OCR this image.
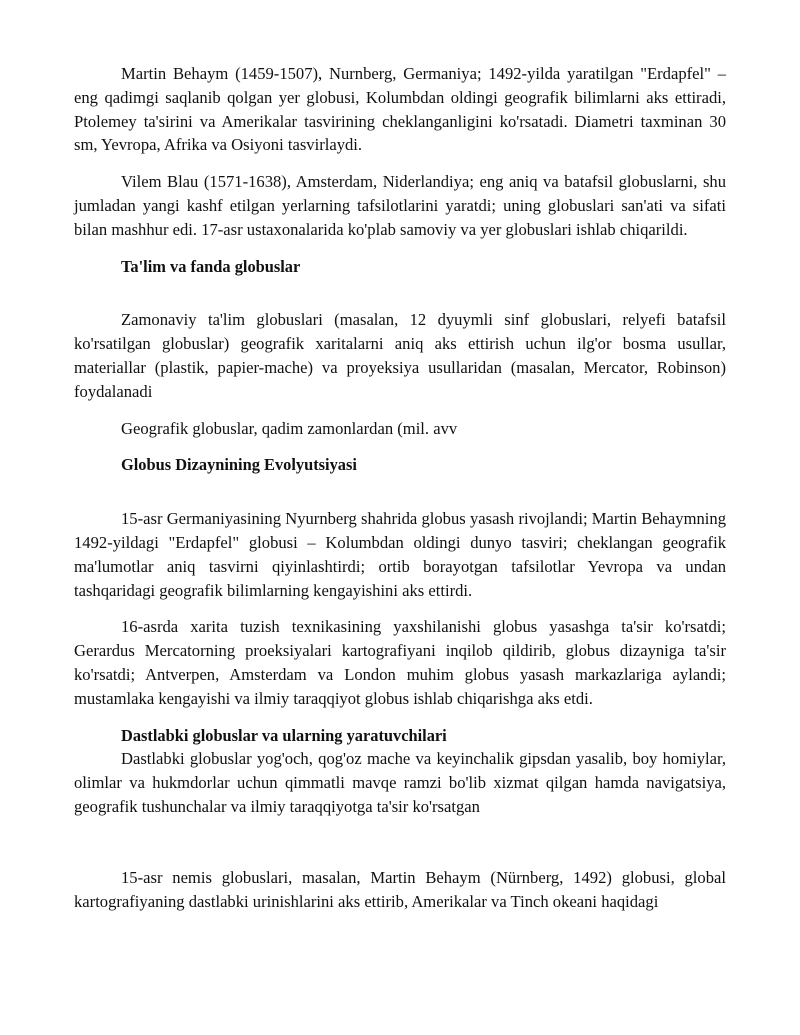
Martin Behaym (1459-1507), Nurnberg, Germaniya; 1492-yilda yaratilgan "Erdapfel" – eng qadimgi saqlanib qolgan yer globusi, Kolumbdan oldingi geografik bilimlarni aks ettiradi, Ptolemey ta'sirini va Amerikalar tasvirining cheklanganligini ko'rsatadi. Diametri taxminan 30 sm, Yevropa, Afrika va Osiyoni tasvirlaydi.

Vilem Blau (1571-1638), Amsterdam, Niderlandiya; eng aniq va batafsil globuslarni, shu jumladan yangi kashf etilgan yerlarning tafsilotlarini yaratdi; uning globuslari san'ati va sifati bilan mashhur edi. 17-asr ustaxonalarida ko'plab samoviy va yer globuslari ishlab chiqarildi.

Ta'lim va fanda globuslar

Zamonaviy ta'lim globuslari (masalan, 12 dyuymli sinf globuslari, relyefi batafsil ko'rsatilgan globuslar) geografik xaritalarni aniq aks ettirish uchun ilg'or bosma usullar, materiallar (plastik, papier-mache) va proyeksiya usullaridan (masalan, Mercator, Robinson) foydalanadi

Geografik globuslar, qadim zamonlardan (mil. avv

Globus Dizaynining Evolyutsiyasi

15-asr Germaniyasining Nyurnberg shahrida globus yasash rivojlandi; Martin Behaymning 1492-yildagi "Erdapfel" globusi – Kolumbdan oldingi dunyo tasviri; cheklangan geografik ma'lumotlar aniq tasvirni qiyinlashtirdi; ortib borayotgan tafsilotlar Yevropa va undan tashqaridagi geografik bilimlarning kengayishini aks ettirdi.

16-asrda xarita tuzish texnikasining yaxshilanishi globus yasashga ta'sir ko'rsatdi; Gerardus Mercatorning proeksiyalari kartografiyani inqilob qildirib, globus dizayniga ta'sir ko'rsatdi; Antverpen, Amsterdam va London muhim globus yasash markazlariga aylandi; mustamlaka kengayishi va ilmiy taraqqiyot globus ishlab chiqarishga aks etdi.

Dastlabki globuslar va ularning yaratuvchilari

Dastlabki globuslar yog'och, qog'oz mache va keyinchalik gipsdan yasalib, boy homiylar, olimlar va hukmdorlar uchun qimmatli mavqe ramzi bo'lib xizmat qilgan hamda navigatsiya, geografik tushunchalar va ilmiy taraqqiyotga ta'sir ko'rsatgan

15-asr nemis globuslari, masalan, Martin Behaym (Nürnberg, 1492) globusi, global kartografiyaning dastlabki urinishlarini aks ettirib, Amerikalar va Tinch okeani haqidagi
